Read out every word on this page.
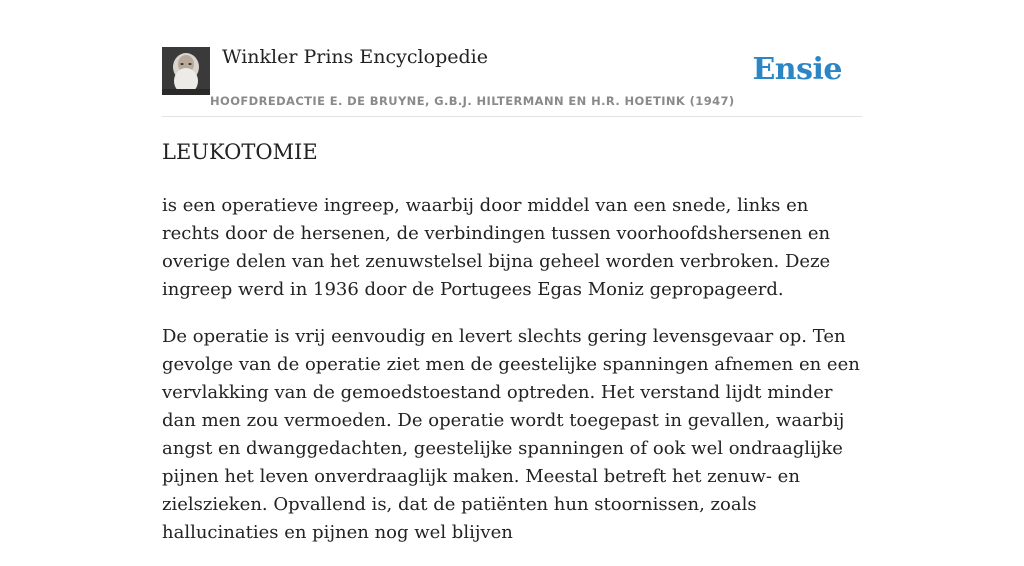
Winkler Prins Encyclopedie
HOOFDREDACTIE E. DE BRUYNE, G.B.J. HILTERMANN EN H.R. HOETINK (1947)
Ensie
LEUKOTOMIE

is een operatieve ingreep, waarbij door middel van een snede, links en rechts door de hersenen, de verbindingen tussen voorhoofdshersenen en overige delen van het zenuwstelsel bijna geheel worden verbroken. Deze ingreep werd in 1936 door de Portugees Egas Moniz gepropageerd.

De operatie is vrij eenvoudig en levert slechts gering levensgevaar op. Ten gevolge van de operatie ziet men de geestelijke spanningen afnemen en een vervlakking van de gemoedstoestand optreden. Het verstand lijdt minder dan men zou vermoeden. De operatie wordt toegepast in gevallen, waarbij angst en dwanggedachten, geestelijke spanningen of ook wel ondraaglijke pijnen het leven onverdraaglijk maken. Meestal betreft het zenuw- en zielszieken. Opvallend is, dat de patiënten hun stoornissen, zoals hallucinaties en pijnen nog wel blijven
